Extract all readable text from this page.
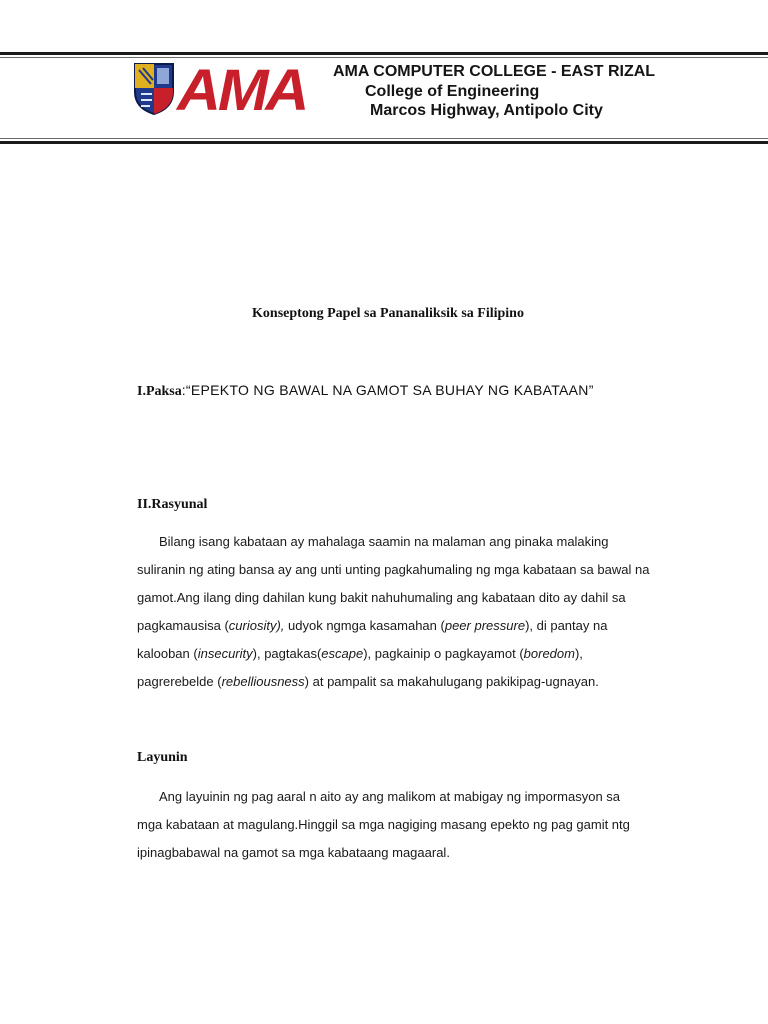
AMA AMA COMPUTER COLLEGE - EAST RIZAL
College of Engineering
Marcos Highway, Antipolo City
Konseptong Papel sa Pananaliksik sa Filipino
I.Paksa:“EPEKTO NG BAWAL NA GAMOT SA BUHAY NG KABATAAN”
II.Rasyunal
Bilang isang kabataan ay mahalaga saamin na malaman ang pinaka malaking
suliranin ng ating bansa ay ang unti unting pagkahumaling ng mga kabataan sa bawal na
gamot.Ang ilang ding dahilan kung bakit nahuhumaling ang kabataan dito ay dahil sa
pagkamausisa (curiosity), udyok ngmga kasamahan (peer pressure), di pantay na
kalooban (insecurity), pagtakas(escape), pagkainip o pagkayamot (boredom),
pagrerebelde (rebelliousness) at pampalit sa makahulugang pakikipag-ugnayan.
Layunin
Ang layuinin ng pag aaral n aito ay ang malikom at mabigay ng impormasyon sa
mga kabataan at magulang.Hinggil sa mga nagiging masang epekto ng pag gamit ntg
ipinagbabawal na gamot sa mga kabataang magaaral.
